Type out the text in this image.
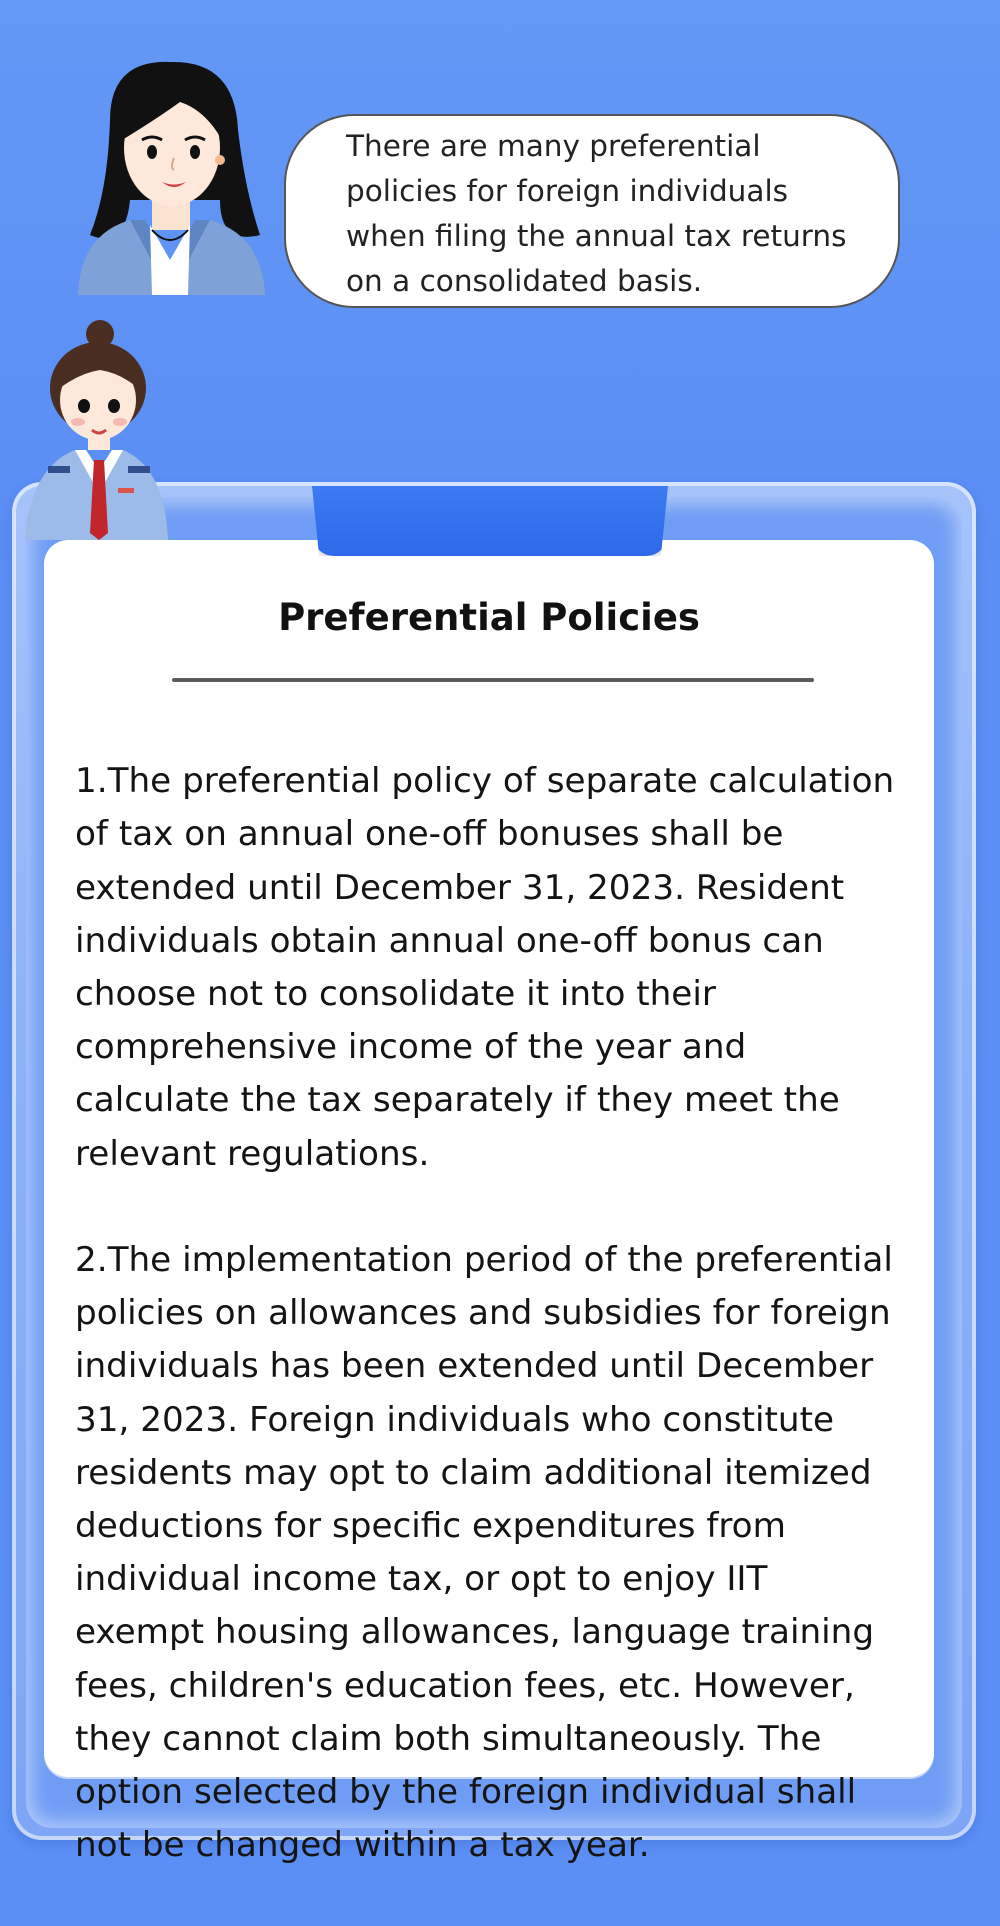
There are many preferential
policies for foreign individuals
when filing the annual tax returns
on a consolidated basis.
Preferential Policies

1.The preferential policy of separate calculation
of tax on annual one-off bonuses shall be
extended until December 31, 2023. Resident
individuals obtain annual one-off bonus can
choose not to consolidate it into their
comprehensive income of the year and
calculate the tax separately if they meet the
relevant regulations.

2.The implementation period of the preferential
policies on allowances and subsidies for foreign
individuals has been extended until December
31, 2023. Foreign individuals who constitute
residents may opt to claim additional itemized
deductions for specific expenditures from
individual income tax, or opt to enjoy IIT
exempt housing allowances, language training
fees, children's education fees, etc. However,
they cannot claim both simultaneously. The
option selected by the foreign individual shall
not be changed within a tax year.
